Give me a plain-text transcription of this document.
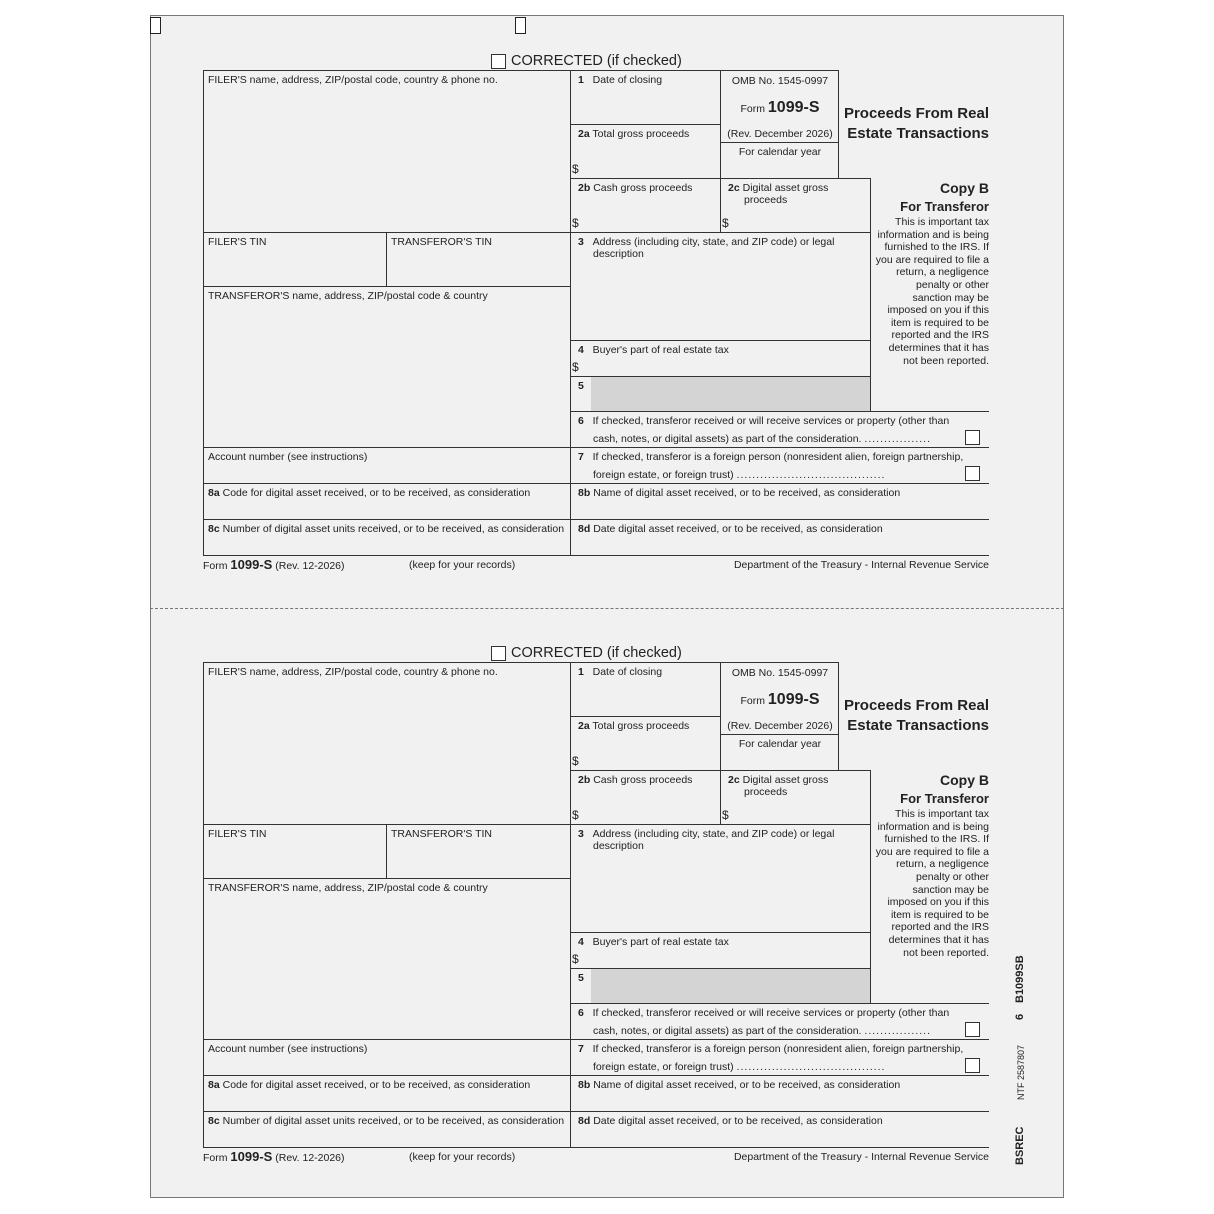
CORRECTED (if checked)
FILER'S name, address, ZIP/postal code, country & phone no.
FILER'S TIN	TRANSFEROR'S TIN
TRANSFEROR'S name, address, ZIP/postal code & country
Account number (see instructions)
8a Code for digital asset received, or to be received, as consideration
8c Number of digital asset units received, or to be received, as consideration
1 Date of closing
2a Total gross proceeds
$
2b Cash gross proceeds
$
2c Digital asset gross
proceeds
$
3 Address (including city, state, and ZIP code) or legal
description
4 Buyer's part of real estate tax
$
5
6 If checked, transferor received or will receive services or property (other than
cash, notes, or digital assets) as part of the consideration. .................
7 If checked, transferor is a foreign person (nonresident alien, foreign partnership,
foreign estate, or foreign trust) ......................................
8b Name of digital asset received, or to be received, as consideration
8d Date digital asset received, or to be received, as consideration
OMB No. 1545-0997
Form 1099-S
(Rev. December 2026)
For calendar year
Proceeds From Real
Estate Transactions
Copy B
For Transferor
This is important tax
information and is being
furnished to the IRS. If
you are required to file a
return, a negligence
penalty or other
sanction may be
imposed on you if this
item is required to be
reported and the IRS
determines that it has
not been reported.
Form 1099-S (Rev. 12-2026)	(keep for your records)	Department of the Treasury - Internal Revenue Service
CORRECTED (if checked)
FILER'S name, address, ZIP/postal code, country & phone no.
FILER'S TIN	TRANSFEROR'S TIN
TRANSFEROR'S name, address, ZIP/postal code & country
Account number (see instructions)
8a Code for digital asset received, or to be received, as consideration
8c Number of digital asset units received, or to be received, as consideration
1 Date of closing
2a Total gross proceeds
$
2b Cash gross proceeds
$
2c Digital asset gross
proceeds
$
3 Address (including city, state, and ZIP code) or legal
description
4 Buyer's part of real estate tax
$
5
6 If checked, transferor received or will receive services or property (other than
cash, notes, or digital assets) as part of the consideration. .................
7 If checked, transferor is a foreign person (nonresident alien, foreign partnership,
foreign estate, or foreign trust) ......................................
8b Name of digital asset received, or to be received, as consideration
8d Date digital asset received, or to be received, as consideration
OMB No. 1545-0997
Form 1099-S
(Rev. December 2026)
For calendar year
Proceeds From Real
Estate Transactions
Copy B
For Transferor
This is important tax
information and is being
furnished to the IRS. If
you are required to file a
return, a negligence
penalty or other
sanction may be
imposed on you if this
item is required to be
reported and the IRS
determines that it has
not been reported.
Form 1099-S (Rev. 12-2026)	(keep for your records)	Department of the Treasury - Internal Revenue Service BSREC
NTF 2587807
6
B1099SB
